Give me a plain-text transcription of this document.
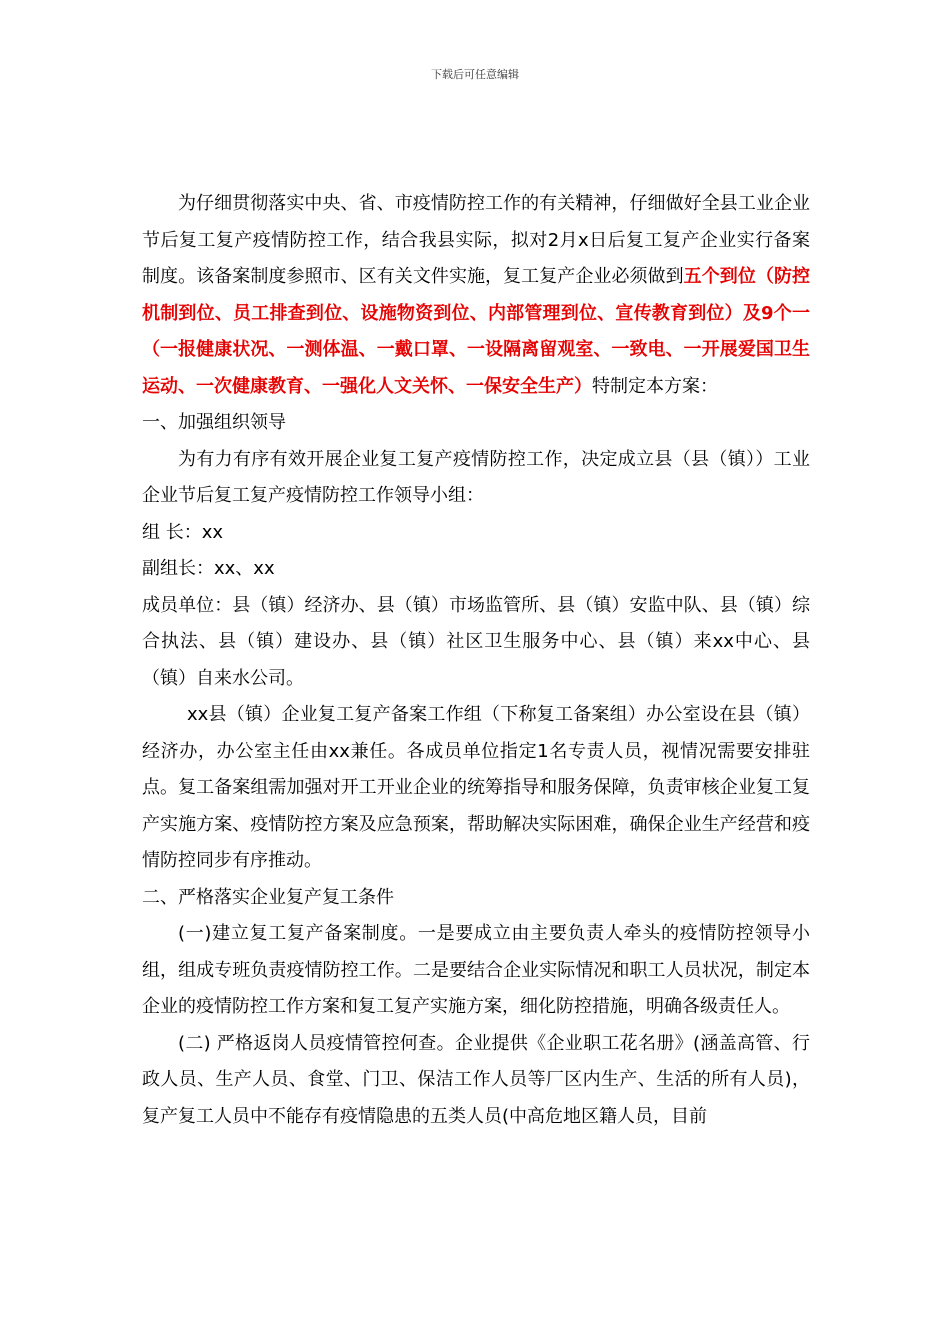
下载后可任意编辑

为仔细贯彻落实中央、省、市疫情防控工作的有关精神，仔细做好全县工业企业节后复工复产疫情防控工作，结合我县实际，拟对2月x日后复工复产企业实行备案制度。该备案制度参照市、区有关文件实施，复工复产企业必须做到五个到位（防控机制到位、员工排查到位、设施物资到位、内部管理到位、宣传教育到位）及9个一（一报健康状况、一测体温、一戴口罩、一设隔离留观室、一致电、一开展爱国卫生运动、一次健康教育、一强化人文关怀、一保安全生产）特制定本方案：

一、加强组织领导

为有力有序有效开展企业复工复产疫情防控工作，决定成立县（县（镇））工业企业节后复工复产疫情防控工作领导小组：

组 长：xx

副组长：xx、xx

成员单位：县（镇）经济办、县（镇）市场监管所、县（镇）安监中队、县（镇）综合执法、县（镇）建设办、县（镇）社区卫生服务中心、县（镇）来xx中心、县（镇）自来水公司。

xx县（镇）企业复工复产备案工作组（下称复工备案组）办公室设在县（镇）经济办，办公室主任由xx兼任。各成员单位指定1名专责人员，视情况需要安排驻点。复工备案组需加强对开工开业企业的统筹指导和服务保障，负责审核企业复工复产实施方案、疫情防控方案及应急预案，帮助解决实际困难，确保企业生产经营和疫情防控同步有序推动。

二、严格落实企业复产复工条件

(一)建立复工复产备案制度。一是要成立由主要负责人牵头的疫情防控领导小组，组成专班负责疫情防控工作。二是要结合企业实际情况和职工人员状况，制定本企业的疫情防控工作方案和复工复产实施方案，细化防控措施，明确各级责任人。

(二) 严格返岗人员疫情管控何查。企业提供《企业职工花名册》(涵盖高管、行政人员、生产人员、食堂、门卫、保洁工作人员等厂区内生产、生活的所有人员)，复产复工人员中不能存有疫情隐患的五类人员(中高危地区籍人员，目前
